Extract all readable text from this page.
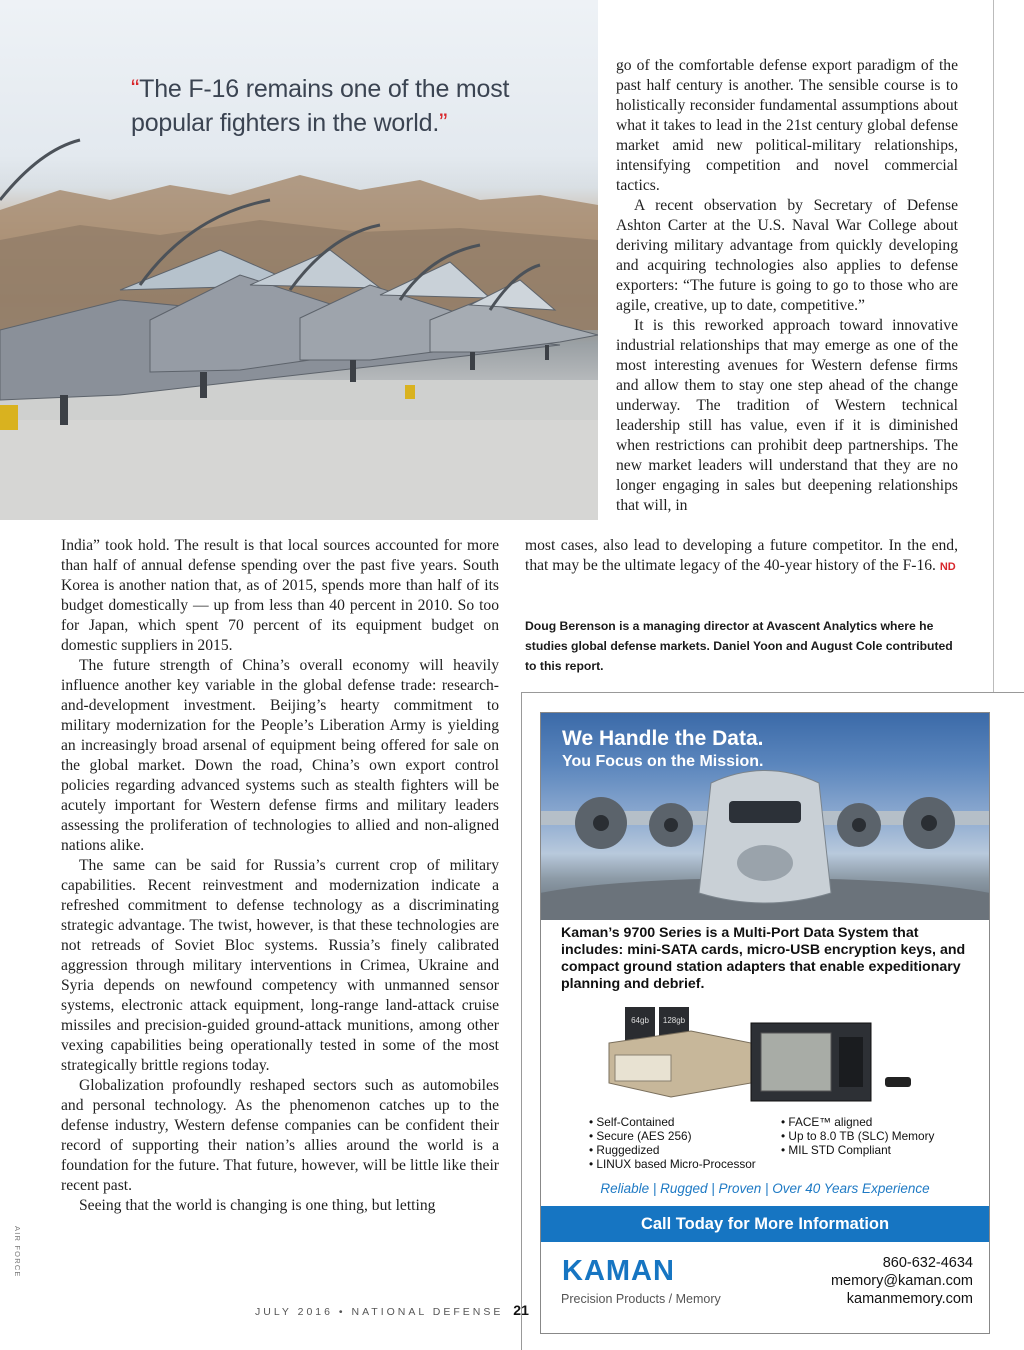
“The F-16 remains one of the most popular fighters in the world.”

go of the comfortable defense export paradigm of the past half century is another. The sensible course is to holistically reconsider fundamental assumptions about what it takes to lead in the 21st century global defense market amid new political-military relationships, intensifying competition and novel commercial tactics.

A recent observation by Secretary of Defense Ashton Carter at the U.S. Naval War College about deriving military advantage from quickly developing and acquiring technologies also applies to defense exporters: “The future is going to go to those who are agile, creative, up to date, competitive.”

It is this reworked approach toward innovative industrial relationships that may emerge as one of the most interesting avenues for Western defense firms and allow them to stay one step ahead of the change underway. The tradition of Western technical leadership still has value, even if it is diminished when restrictions can prohibit deep partnerships. The new market leaders will understand that they are no longer engaging in sales but deepening relationships that will, in

most cases, also lead to developing a future competitor. In the end, that may be the ultimate legacy of the 40-year history of the F-16. ND

Doug Berenson is a managing director at Avascent Analytics where he studies global defense markets. Daniel Yoon and August Cole contributed to this report.

India” took hold. The result is that local sources accounted for more than half of annual defense spending over the past five years. South Korea is another nation that, as of 2015, spends more than half of its budget domestically — up from less than 40 percent in 2010. So too for Japan, which spent 70 percent of its equipment budget on domestic suppliers in 2015.

The future strength of China’s overall economy will heavily influence another key variable in the global defense trade: research-and-development investment. Beijing’s hearty commitment to military modernization for the People’s Liberation Army is yielding an increasingly broad arsenal of equipment being offered for sale on the global market. Down the road, China’s own export control policies regarding advanced systems such as stealth fighters will be acutely important for Western defense firms and military leaders assessing the proliferation of technologies to allied and non-aligned nations alike.

The same can be said for Russia’s current crop of military capabilities. Recent reinvestment and modernization indicate a refreshed commitment to defense technology as a discriminating strategic advantage. The twist, however, is that these technologies are not retreads of Soviet Bloc systems. Russia’s finely calibrated aggression through military interventions in Crimea, Ukraine and Syria depends on newfound competency with unmanned sensor systems, electronic attack equipment, long-range land-attack cruise missiles and precision-guided ground-attack munitions, among other vexing capabilities being operationally tested in some of the most strategically brittle regions today.

Globalization profoundly reshaped sectors such as automobiles and personal technology. As the phenomenon catches up to the defense industry, Western defense companies can be confident their record of supporting their nation’s allies around the world is a foundation for the future. That future, however, will be little like their recent past.

Seeing that the world is changing is one thing, but letting

AIR FORCE
JULY 2016 • NATIONAL DEFENSE 21
We Handle the Data.
You Focus on the Mission.
Kaman’s 9700 Series is a Multi-Port Data System that includes: mini-SATA cards, micro-USB encryption keys, and compact ground station adapters that enable expeditionary planning and debrief.
64gb 128gb
• Self-Contained
• Secure (AES 256)
• Ruggedized
• LINUX based Micro-Processor
• FACE™ aligned
• Up to 8.0 TB (SLC) Memory
• MIL STD Compliant
Reliable | Rugged | Proven | Over 40 Years Experience
Call Today for More Information
KAMAN
Precision Products / Memory
860-632-4634
memory@kaman.com
kamanmemory.com
